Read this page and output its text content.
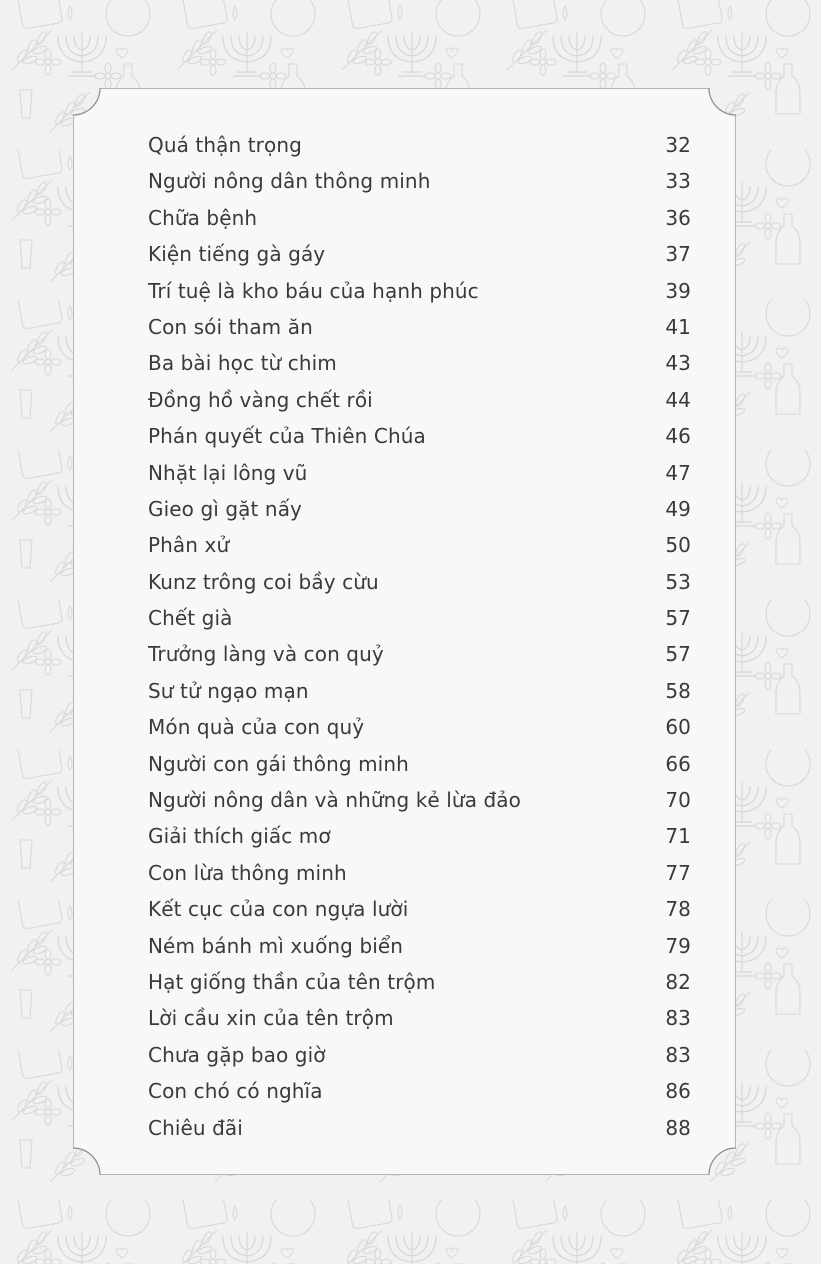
Quá thận trọng	32
Người nông dân thông minh	33
Chữa bệnh	36
Kiện tiếng gà gáy	37
Trí tuệ là kho báu của hạnh phúc	39
Con sói tham ăn	41
Ba bài học từ chim	43
Đồng hồ vàng chết rồi	44
Phán quyết của Thiên Chúa	46
Nhặt lại lông vũ	47
Gieo gì gặt nấy	49
Phân xử	50
Kunz trông coi bầy cừu	53
Chết già	57
Trưởng làng và con quỷ	57
Sư tử ngạo mạn	58
Món quà của con quỷ	60
Người con gái thông minh	66
Người nông dân và những kẻ lừa đảo	70
Giải thích giấc mơ	71
Con lừa thông minh	77
Kết cục của con ngựa lười	78
Ném bánh mì xuống biển	79
Hạt giống thần của tên trộm	82
Lời cầu xin của tên trộm	83
Chưa gặp bao giờ	83
Con chó có nghĩa	86
Chiêu đãi	88
